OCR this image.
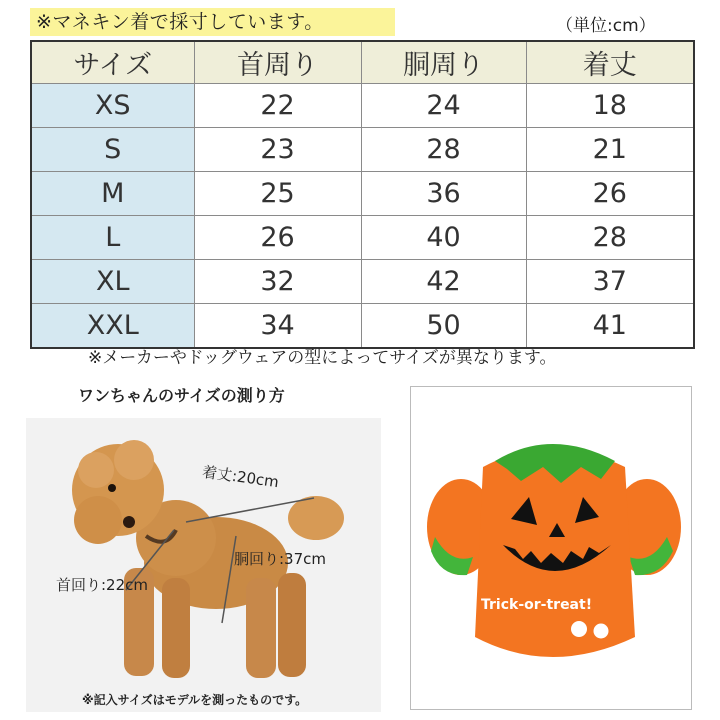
※マネキン着で採寸しています。	（単位:cm）
サイズ	首周り	胴周り	着丈
XS	22	24	18
S	23	28	21
M	25	36	26
L	26	40	28
XL	32	42	37
XXL	34	50	41
※メーカーやドッグウェアの型によってサイズが異なります。
ワンちゃんのサイズの測り方
着丈:20cm
胴回り:37cm
首回り:22cm
※記入サイズはモデルを測ったものです。
Trick-or-treat!
